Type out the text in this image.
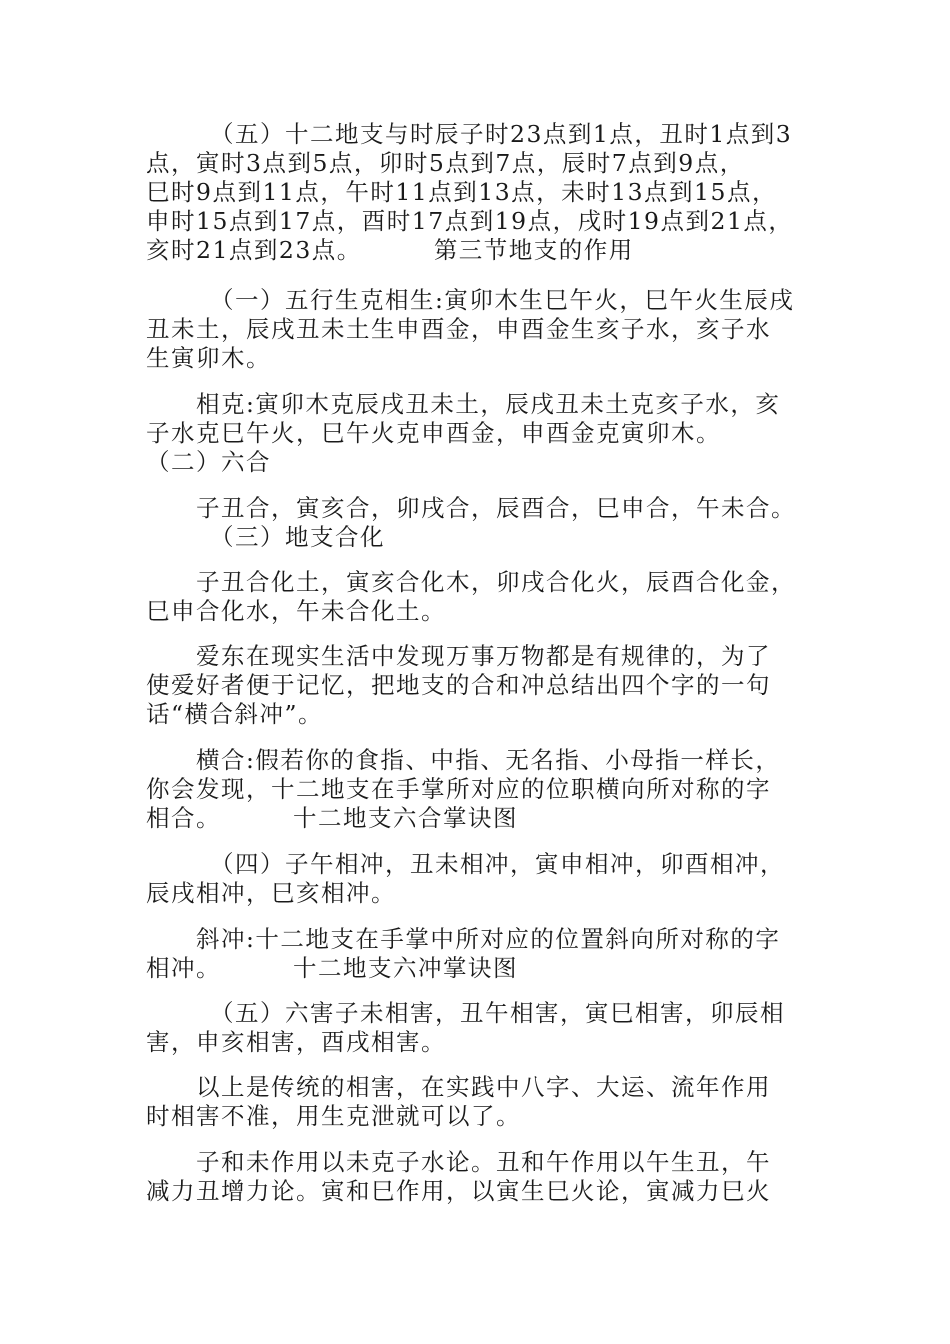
（五）十二地支与时辰子时23点到1点，丑时1点到3
点，寅时3点到5点，卯时5点到7点，辰时7点到9点，
巳时9点到11点，午时11点到13点，未时13点到15点，
申时15点到17点，酉时17点到19点，戌时19点到21点，
亥时21点到23点。	第三节地支的作用
（一）五行生克相生:寅卯木生巳午火，巳午火生辰戌
丑未土，辰戌丑未土生申酉金，申酉金生亥子水，亥子水
生寅卯木。
相克:寅卯木克辰戌丑未土，辰戌丑未土克亥子水，亥
子水克巳午火，巳午火克申酉金，申酉金克寅卯木。
（二）六合
子丑合，寅亥合，卯戌合，辰酉合，巳申合，午未合。
（三）地支合化
子丑合化土，寅亥合化木，卯戌合化火，辰酉合化金，
巳申合化水，午未合化土。
爱东在现实生活中发现万事万物都是有规律的，为了
使爱好者便于记忆，把地支的合和冲总结出四个字的一句
话“横合斜冲”。
横合:假若你的食指、中指、无名指、小母指一样长，
你会发现，十二地支在手掌所对应的位职横向所对称的字
相合。	十二地支六合掌诀图
（四）子午相冲，丑未相冲，寅申相冲，卯酉相冲，
辰戌相冲，巳亥相冲。
斜冲:十二地支在手掌中所对应的位置斜向所对称的字
相冲。	十二地支六冲掌诀图
（五）六害子未相害，丑午相害，寅巳相害，卯辰相
害，申亥相害，酉戌相害。
以上是传统的相害，在实践中八字、大运、流年作用
时相害不准，用生克泄就可以了。
子和未作用以未克子水论。丑和午作用以午生丑，午
减力丑增力论。寅和巳作用，以寅生巳火论，寅减力巳火
